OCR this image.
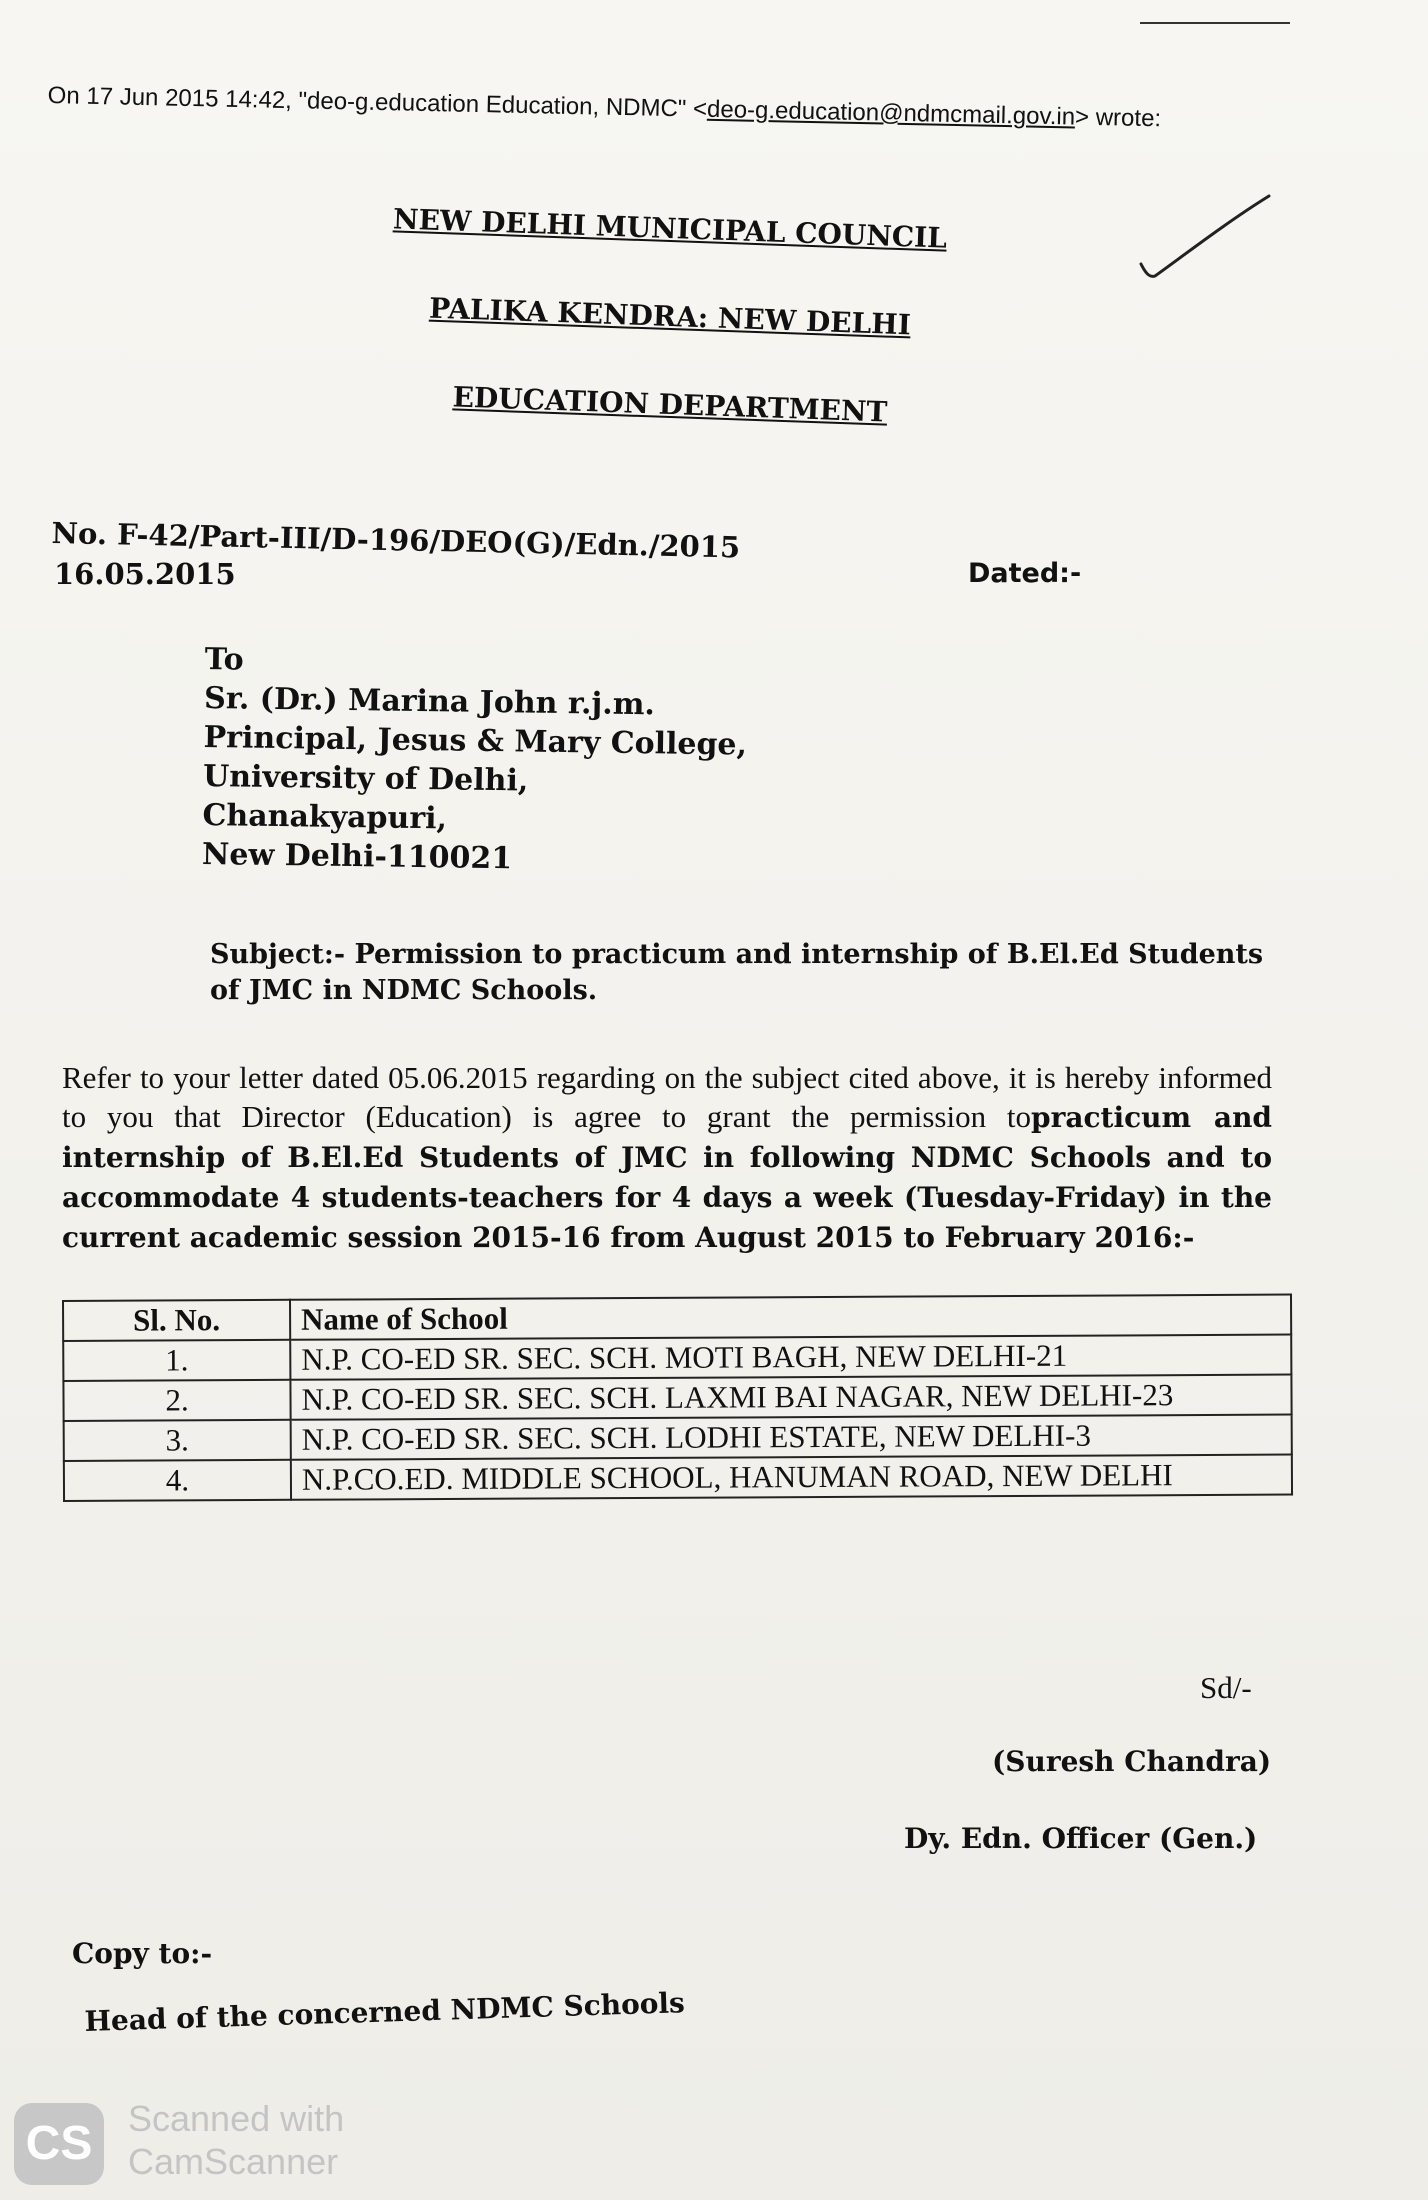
On 17 Jun 2015 14:42, "deo-g.education Education, NDMC" <deo-g.education@ndmcmail.gov.in> wrote:
NEW DELHI MUNICIPAL COUNCIL
PALIKA KENDRA: NEW DELHI
EDUCATION DEPARTMENT
No. F-42/Part-III/D-196/DEO(G)/Edn./2015
16.05.2015	Dated:-
To
Sr. (Dr.) Marina John r.j.m.
Principal, Jesus & Mary College,
University of Delhi,
Chanakyapuri,
New Delhi-110021
Subject:- Permission to practicum and internship of B.El.Ed Students of JMC in NDMC Schools.
Refer to your letter dated 05.06.2015 regarding on the subject cited above, it is hereby informed to you that Director (Education) is agree to grant the permission topracticum and internship of B.El.Ed Students of JMC in following NDMC Schools and to accommodate 4 students-teachers for 4 days a week (Tuesday-Friday) in the current academic session 2015-16 from August 2015 to February 2016:-
Sl. No.	Name of School
1.	N.P. CO-ED SR. SEC. SCH. MOTI BAGH, NEW DELHI-21
2.	N.P. CO-ED SR. SEC. SCH. LAXMI BAI NAGAR, NEW DELHI-23
3.	N.P. CO-ED SR. SEC. SCH. LODHI ESTATE, NEW DELHI-3
4.	N.P.CO.ED. MIDDLE SCHOOL, HANUMAN ROAD, NEW DELHI
Sd/-
(Suresh Chandra)
Dy. Edn. Officer (Gen.)
Copy to:-
Head of the concerned NDMC Schools
CS Scanned with
CamScanner
